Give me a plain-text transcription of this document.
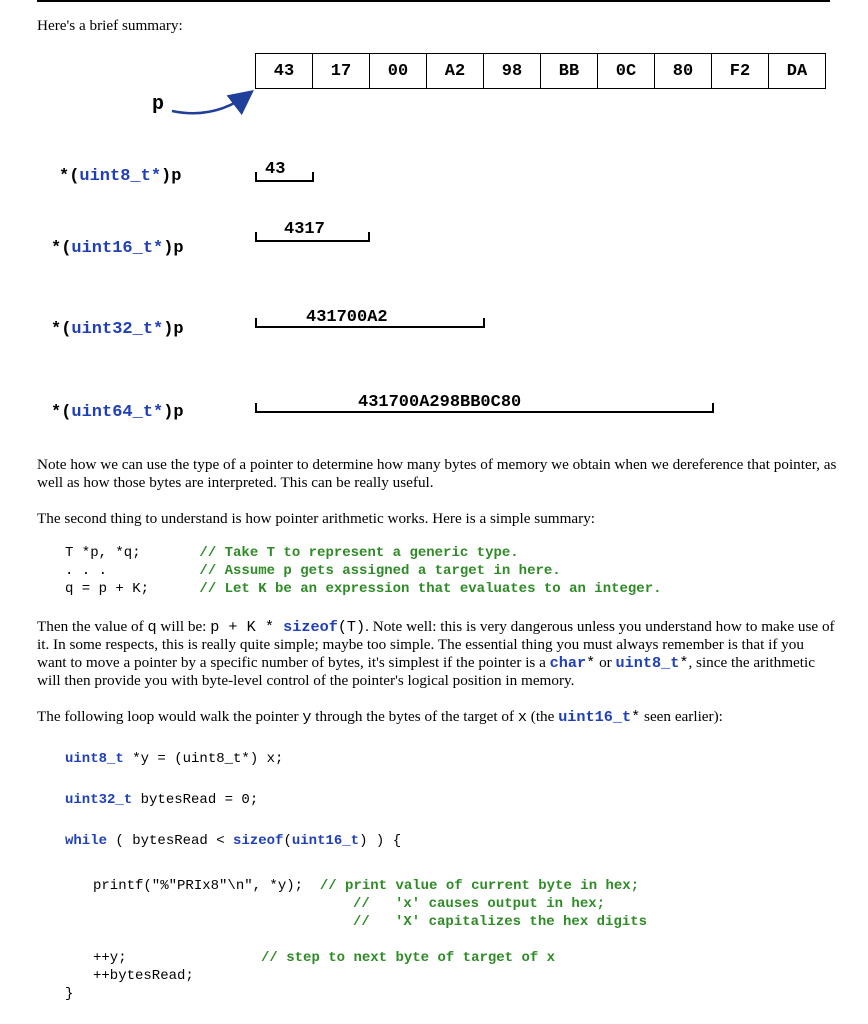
Here's a brief summary:

43	17	00	A2	98	BB	0C	80	F2	DA
p
*(uint8_t*)p	43
*(uint16_t*)p
4317
*(uint32_t*)p
431700A2
*(uint64_t*)p
431700A298BB0C80

Note how we can use the type of a pointer to determine how many bytes of memory we obtain when we dereference that pointer, as well as how those bytes are interpreted. This can be really useful.

The second thing to understand is how pointer arithmetic works. Here is a simple summary:

T *p, *q;       // Take T to represent a generic type.
. . .           // Assume p gets assigned a target in here.
q = p + K;      // Let K be an expression that evaluates to an integer.

Then the value of q will be: p + K * sizeof(T). Note well: this is very dangerous unless you understand how to make use of it. In some respects, this is really quite simple; maybe too simple. The essential thing you must always remember is that if you want to move a pointer by a specific number of bytes, it's simplest if the pointer is a char* or uint8_t*, since the arithmetic will then provide you with byte-level control of the pointer's logical position in memory.

The following loop would walk the pointer y through the bytes of the target of x (the uint16_t* seen earlier):

uint8_t *y = (uint8_t*) x;
uint32_t bytesRead = 0;
while ( bytesRead < sizeof(uint16_t) ) {
printf("%"PRIx8"\n", *y);  // print value of current byte in hex;
//   'x' causes output in hex;
//   'X' capitalizes the hex digits
++y;                // step to next byte of target of x
++bytesRead;
}
